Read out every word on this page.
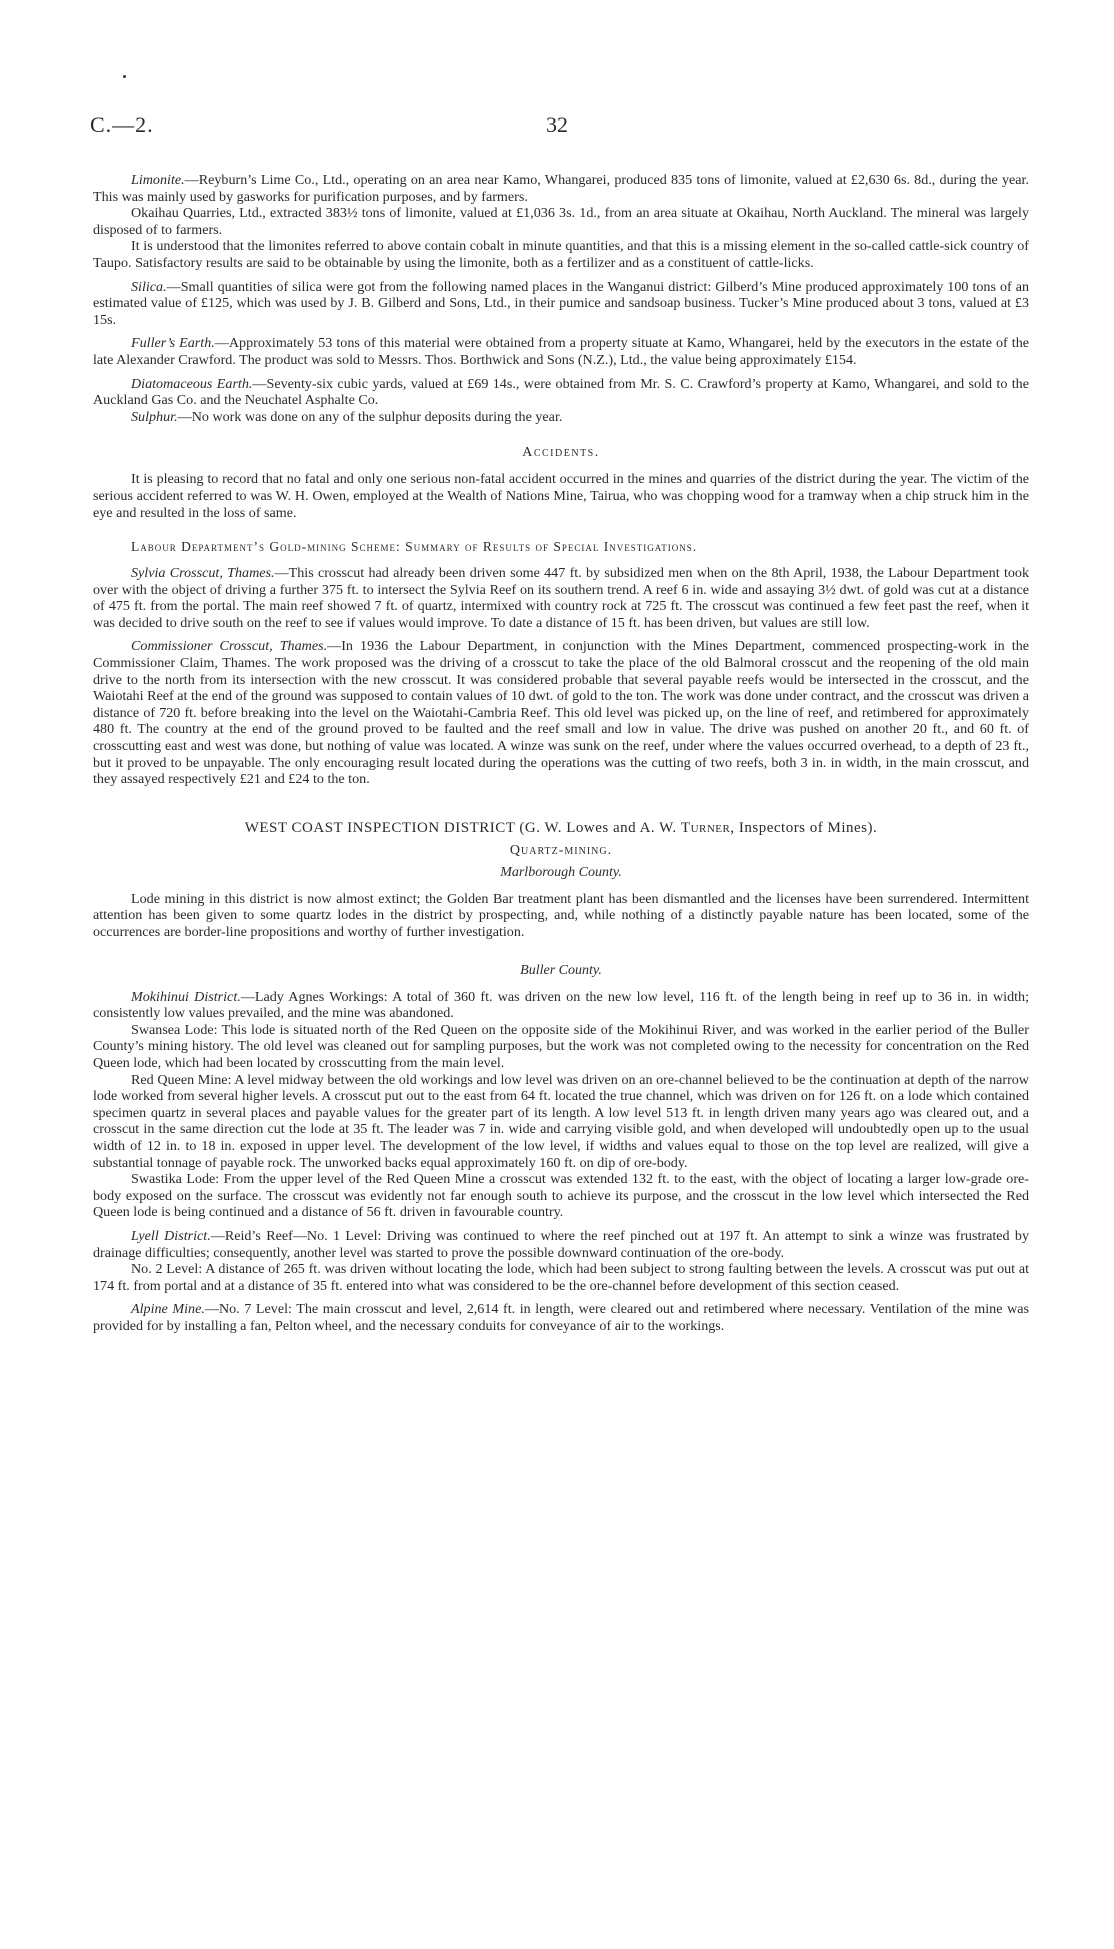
C.—2.	32

Limonite.—Reyburn’s Lime Co., Ltd., operating on an area near Kamo, Whangarei, produced 835 tons of limonite, valued at £2,630 6s. 8d., during the year. This was mainly used by gasworks for purification purposes, and by farmers.

Okaihau Quarries, Ltd., extracted 383½ tons of limonite, valued at £1,036 3s. 1d., from an area situate at Okaihau, North Auckland. The mineral was largely disposed of to farmers.

It is understood that the limonites referred to above contain cobalt in minute quantities, and that this is a missing element in the so-called cattle-sick country of Taupo. Satisfactory results are said to be obtainable by using the limonite, both as a fertilizer and as a constituent of cattle-licks.

Silica.—Small quantities of silica were got from the following named places in the Wanganui district: Gilberd’s Mine produced approximately 100 tons of an estimated value of £125, which was used by J. B. Gilberd and Sons, Ltd., in their pumice and sandsoap business. Tucker’s Mine produced about 3 tons, valued at £3 15s.

Fuller’s Earth.—Approximately 53 tons of this material were obtained from a property situate at Kamo, Whangarei, held by the executors in the estate of the late Alexander Crawford. The product was sold to Messrs. Thos. Borthwick and Sons (N.Z.), Ltd., the value being approximately £154.

Diatomaceous Earth.—Seventy-six cubic yards, valued at £69 14s., were obtained from Mr. S. C. Crawford’s property at Kamo, Whangarei, and sold to the Auckland Gas Co. and the Neuchatel Asphalte Co.

Sulphur.—No work was done on any of the sulphur deposits during the year.

Accidents.

It is pleasing to record that no fatal and only one serious non-fatal accident occurred in the mines and quarries of the district during the year. The victim of the serious accident referred to was W. H. Owen, employed at the Wealth of Nations Mine, Tairua, who was chopping wood for a tramway when a chip struck him in the eye and resulted in the loss of same.

Labour Department’s Gold-mining Scheme: Summary of Results of Special Investigations.

Sylvia Crosscut, Thames.—This crosscut had already been driven some 447 ft. by subsidized men when on the 8th April, 1938, the Labour Department took over with the object of driving a further 375 ft. to intersect the Sylvia Reef on its southern trend. A reef 6 in. wide and assaying 3½ dwt. of gold was cut at a distance of 475 ft. from the portal. The main reef showed 7 ft. of quartz, intermixed with country rock at 725 ft. The crosscut was continued a few feet past the reef, when it was decided to drive south on the reef to see if values would improve. To date a distance of 15 ft. has been driven, but values are still low.

Commissioner Crosscut, Thames.—In 1936 the Labour Department, in conjunction with the Mines Department, commenced prospecting-work in the Commissioner Claim, Thames. The work proposed was the driving of a crosscut to take the place of the old Balmoral crosscut and the reopening of the old main drive to the north from its intersection with the new crosscut. It was considered probable that several payable reefs would be intersected in the crosscut, and the Waiotahi Reef at the end of the ground was supposed to contain values of 10 dwt. of gold to the ton. The work was done under contract, and the crosscut was driven a distance of 720 ft. before breaking into the level on the Waiotahi-Cambria Reef. This old level was picked up, on the line of reef, and retimbered for approximately 480 ft. The country at the end of the ground proved to be faulted and the reef small and low in value. The drive was pushed on another 20 ft., and 60 ft. of crosscutting east and west was done, but nothing of value was located. A winze was sunk on the reef, under where the values occurred overhead, to a depth of 23 ft., but it proved to be unpayable. The only encouraging result located during the operations was the cutting of two reefs, both 3 in. in width, in the main crosscut, and they assayed respectively £21 and £24 to the ton.

WEST COAST INSPECTION DISTRICT (G. W. Lowes and A. W. Turner, Inspectors of Mines).
Quartz-mining.
Marlborough County.

Lode mining in this district is now almost extinct; the Golden Bar treatment plant has been dismantled and the licenses have been surrendered. Intermittent attention has been given to some quartz lodes in the district by prospecting, and, while nothing of a distinctly payable nature has been located, some of the occurrences are border-line propositions and worthy of further investigation.

Buller County.

Mokihinui District.—Lady Agnes Workings: A total of 360 ft. was driven on the new low level, 116 ft. of the length being in reef up to 36 in. in width; consistently low values prevailed, and the mine was abandoned.

Swansea Lode: This lode is situated north of the Red Queen on the opposite side of the Mokihinui River, and was worked in the earlier period of the Buller County’s mining history. The old level was cleaned out for sampling purposes, but the work was not completed owing to the necessity for concentration on the Red Queen lode, which had been located by crosscutting from the main level.

Red Queen Mine: A level midway between the old workings and low level was driven on an ore-channel believed to be the continuation at depth of the narrow lode worked from several higher levels. A crosscut put out to the east from 64 ft. located the true channel, which was driven on for 126 ft. on a lode which contained specimen quartz in several places and payable values for the greater part of its length. A low level 513 ft. in length driven many years ago was cleared out, and a crosscut in the same direction cut the lode at 35 ft. The leader was 7 in. wide and carrying visible gold, and when developed will undoubtedly open up to the usual width of 12 in. to 18 in. exposed in upper level. The development of the low level, if widths and values equal to those on the top level are realized, will give a substantial tonnage of payable rock. The unworked backs equal approximately 160 ft. on dip of ore-body.

Swastika Lode: From the upper level of the Red Queen Mine a crosscut was extended 132 ft. to the east, with the object of locating a larger low-grade ore-body exposed on the surface. The crosscut was evidently not far enough south to achieve its purpose, and the crosscut in the low level which intersected the Red Queen lode is being continued and a distance of 56 ft. driven in favourable country.

Lyell District.—Reid’s Reef—No. 1 Level: Driving was continued to where the reef pinched out at 197 ft. An attempt to sink a winze was frustrated by drainage difficulties; consequently, another level was started to prove the possible downward continuation of the ore-body.

No. 2 Level: A distance of 265 ft. was driven without locating the lode, which had been subject to strong faulting between the levels. A crosscut was put out at 174 ft. from portal and at a distance of 35 ft. entered into what was considered to be the ore-channel before development of this section ceased.

Alpine Mine.—No. 7 Level: The main crosscut and level, 2,614 ft. in length, were cleared out and retimbered where necessary. Ventilation of the mine was provided for by installing a fan, Pelton wheel, and the necessary conduits for conveyance of air to the workings.
